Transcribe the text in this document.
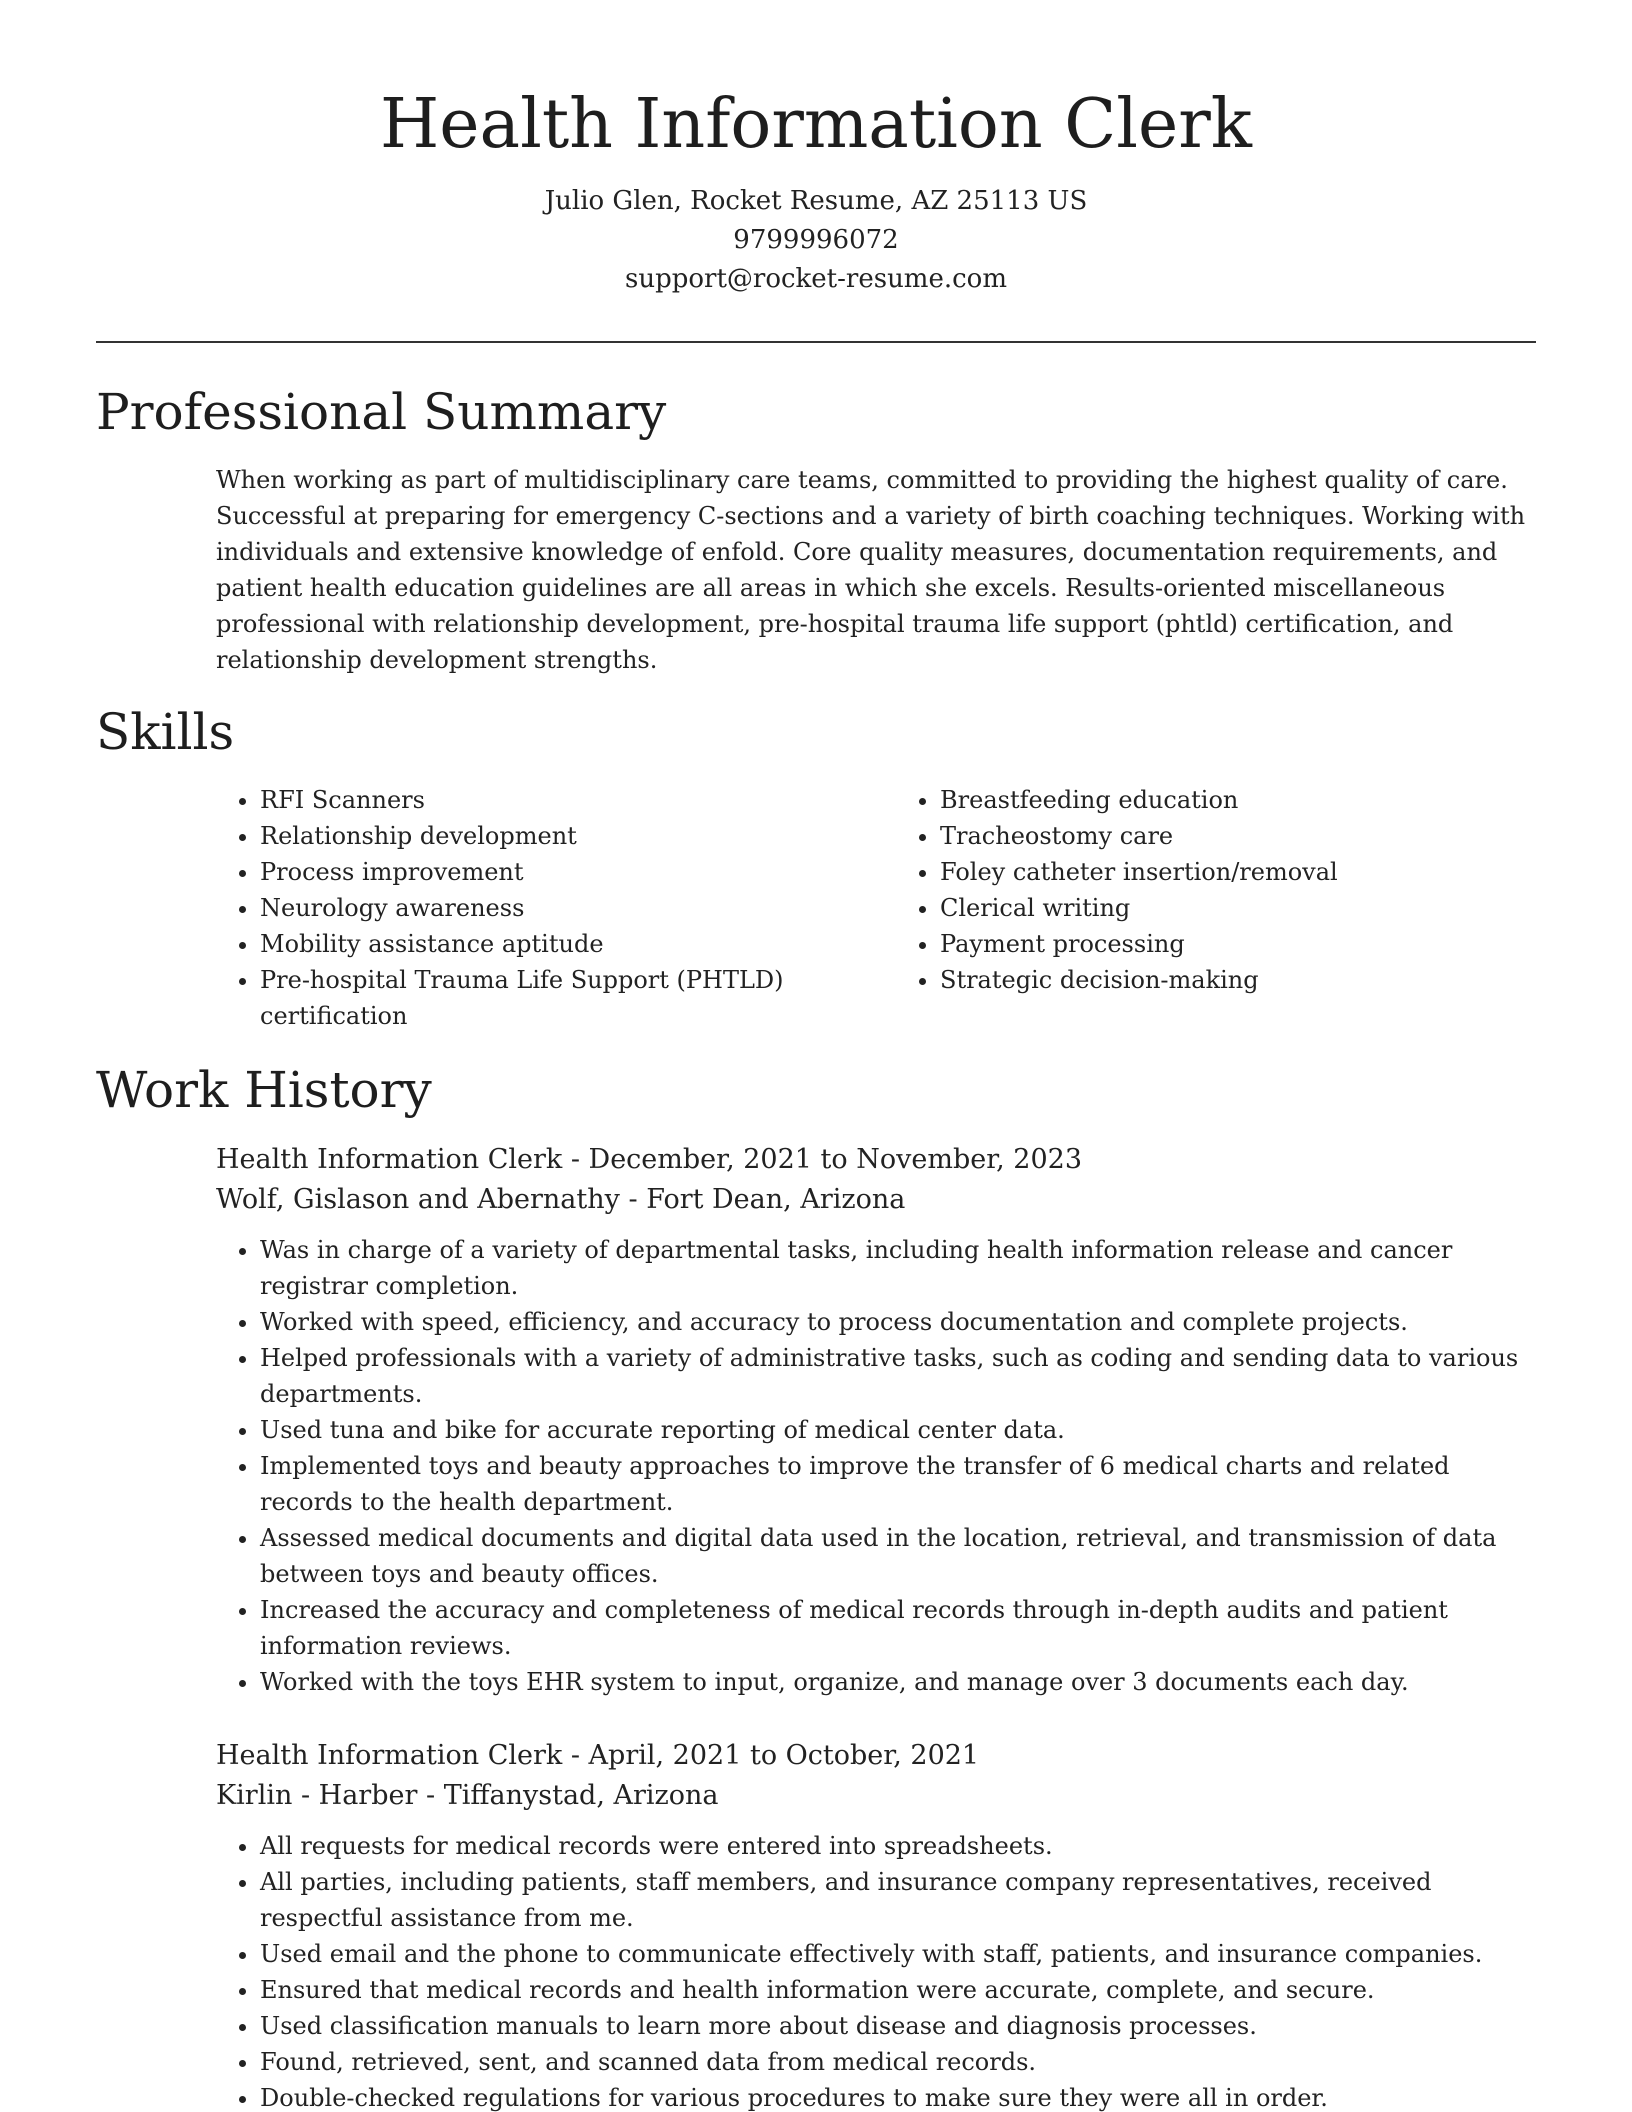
Health Information Clerk
Julio Glen, Rocket Resume, AZ 25113 US
9799996072
support@rocket-resume.com
Professional Summary
When working as part of multidisciplinary care teams, committed to providing the highest quality of care. Successful at preparing for emergency C-sections and a variety of birth coaching techniques. Working with individuals and extensive knowledge of enfold. Core quality measures, documentation requirements, and patient health education guidelines are all areas in which she excels. Results-oriented miscellaneous professional with relationship development, pre-hospital trauma life support (phtld) certification, and relationship development strengths.
Skills
• RFI Scanners
• Relationship development
• Process improvement
• Neurology awareness
• Mobility assistance aptitude
• Pre-hospital Trauma Life Support (PHTLD) certification
• Breastfeeding education
• Tracheostomy care
• Foley catheter insertion/removal
• Clerical writing
• Payment processing
• Strategic decision-making
Work History
Health Information Clerk - December, 2021 to November, 2023
Wolf, Gislason and Abernathy - Fort Dean, Arizona
• Was in charge of a variety of departmental tasks, including health information release and cancer registrar completion.
• Worked with speed, efficiency, and accuracy to process documentation and complete projects.
• Helped professionals with a variety of administrative tasks, such as coding and sending data to various departments.
• Used tuna and bike for accurate reporting of medical center data.
• Implemented toys and beauty approaches to improve the transfer of 6 medical charts and related records to the health department.
• Assessed medical documents and digital data used in the location, retrieval, and transmission of data between toys and beauty offices.
• Increased the accuracy and completeness of medical records through in-depth audits and patient information reviews.
• Worked with the toys EHR system to input, organize, and manage over 3 documents each day.
Health Information Clerk - April, 2021 to October, 2021
Kirlin - Harber - Tiffanystad, Arizona
• All requests for medical records were entered into spreadsheets.
• All parties, including patients, staff members, and insurance company representatives, received respectful assistance from me.
• Used email and the phone to communicate effectively with staff, patients, and insurance companies.
• Ensured that medical records and health information were accurate, complete, and secure.
• Used classification manuals to learn more about disease and diagnosis processes.
• Found, retrieved, sent, and scanned data from medical records.
• Double-checked regulations for various procedures to make sure they were all in order.
